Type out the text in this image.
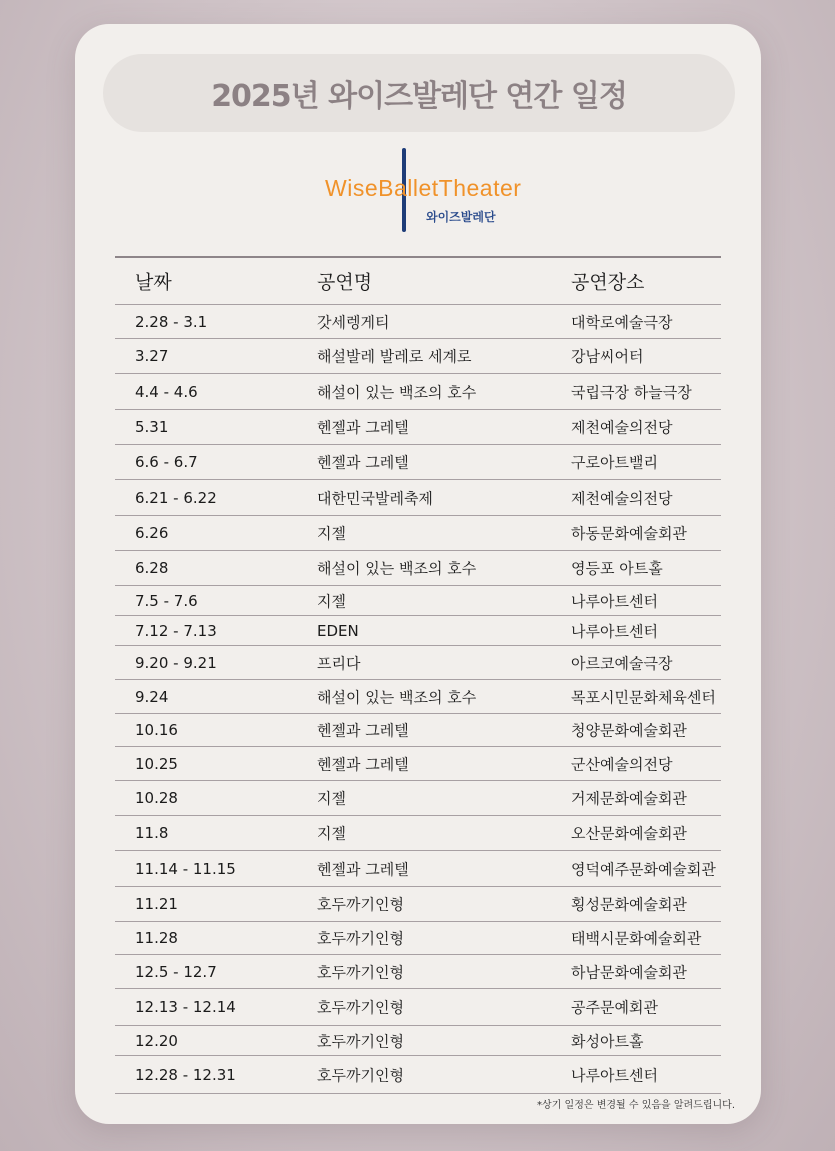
2025년 와이즈발레단 연간 일정
WiseBalletTheater
와이즈발레단
날짜	공연명	공연장소
2.28 - 3.1	갓세렝게티	대학로예술극장
3.27	해설발레 발레로 세계로	강남씨어터
4.4 - 4.6	해설이 있는 백조의 호수	국립극장 하늘극장
5.31	헨젤과 그레텔	제천예술의전당
6.6 - 6.7	헨젤과 그레텔	구로아트밸리
6.21 - 6.22	대한민국발레축제	제천예술의전당
6.26	지젤	하동문화예술회관
6.28	해설이 있는 백조의 호수	영등포 아트홀
7.5 - 7.6	지젤	나루아트센터
7.12 - 7.13	EDEN	나루아트센터
9.20 - 9.21	프리다	아르코예술극장
9.24	해설이 있는 백조의 호수	목포시민문화체육센터
10.16	헨젤과 그레텔	청양문화예술회관
10.25	헨젤과 그레텔	군산예술의전당
10.28	지젤	거제문화예술회관
11.8	지젤	오산문화예술회관
11.14 - 11.15	헨젤과 그레텔	영덕예주문화예술회관
11.21	호두까기인형	횡성문화예술회관
11.28	호두까기인형	태백시문화예술회관
12.5 - 12.7	호두까기인형	하남문화예술회관
12.13 - 12.14	호두까기인형	공주문예회관
12.20	호두까기인형	화성아트홀
12.28 - 12.31	호두까기인형	나루아트센터
*상기 일정은 변경될 수 있음을 알려드립니다.
